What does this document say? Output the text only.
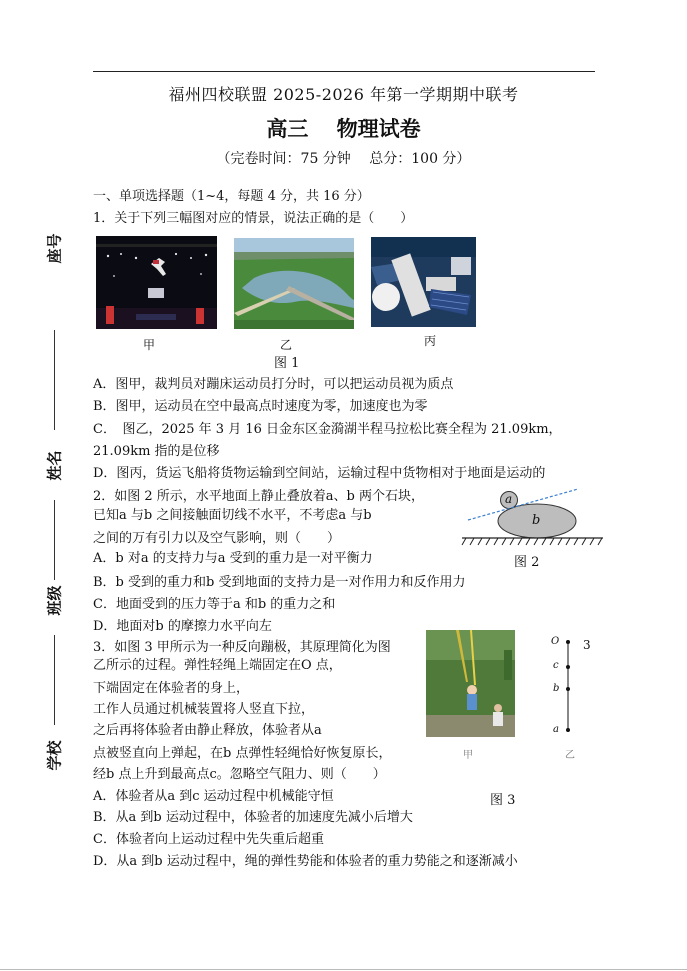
福州四校联盟 2025-2026 年第一学期期中联考
高三　 物理试卷
（完卷时间：75 分钟　 总分：100 分）
座号
姓名
班级
学校
一、单项选择题（1~4，每题 4 分，共 16 分）
1．关于下列三幅图对应的情景，说法正确的是（　　）
甲	乙	丙
图 1
A．图甲，裁判员对蹦床运动员打分时，可以把运动员视为质点
B．图甲，运动员在空中最高点时速度为零，加速度也为零
C．　图乙，2025 年 3 月 16 日金东区金漪湖半程马拉松比赛全程为 21.09km，
21.09km 指的是位移
D．图丙，货运飞船将货物运输到空间站，运输过程中货物相对于地面是运动的
2．如图 2 所示，水平地面上静止叠放着a、b 两个石块，
已知a 与b 之间接触面切线不水平，不考虑a 与b
之间的万有引力以及空气影响，则（　　）
a
b
图 2
A．b 对a 的支持力与a 受到的重力是一对平衡力
B．b 受到的重力和b 受到地面的支持力是一对作用力和反作用力
C．地面受到的压力等于a 和b 的重力之和
D．地面对b 的摩擦力水平向左
3．如图 3 甲所示为一种反向蹦极，其原理简化为图
乙所示的过程。弹性轻绳上端固定在O 点，
下端固定在体验者的身上，
工作人员通过机械装置将人竖直下拉，
之后再将体验者由静止释放，体验者从a
点被竖直向上弹起，在b 点弹性轻绳恰好恢复原长，
经b 点上升到最高点c。忽略空气阻力、则（　　）
O
c
b
a
3
甲	乙
图 3
A．体验者从a 到c 运动过程中机械能守恒
B．从a 到b 运动过程中，体验者的加速度先减小后增大
C．体验者向上运动过程中先失重后超重
D．从a 到b 运动过程中，绳的弹性势能和体验者的重力势能之和逐渐减小
